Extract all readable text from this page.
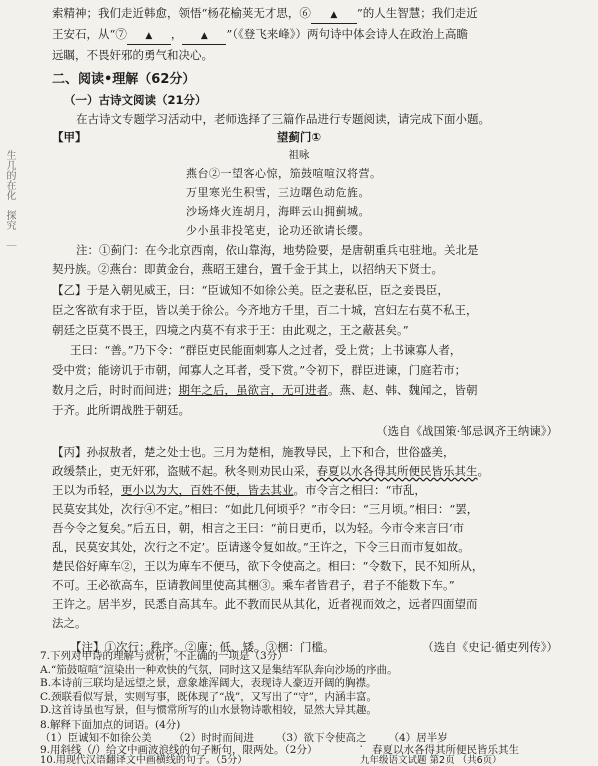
生几的在化　探究　｜
索精神；我们走近韩愈，领悟“杨花榆荚无才思，⑥ ▲ ”的人生智慧；我们走近
王安石，从“⑦ ▲ ， ▲ ”（《登飞来峰》）两句诗中体会诗人在政治上高瞻
远瞩，不畏奸邪的勇气和决心。
二、阅读•理解（62分）
（一）古诗文阅读（21分）
在古诗文专题学习活动中，老师选择了三篇作品进行专题阅读，请完成下面小题。
【甲】	望蓟门①
祖咏
燕台②一望客心惊，笳鼓喧喧汉将营。
万里寒光生积雪，三边曙色动危旌。
沙场烽火连胡月，海畔云山拥蓟城。
少小虽非投笔吏，论功还欲请长缨。
注：①蓟门：在今北京西南，依山靠海，地势险要，是唐朝重兵屯驻地。关北是
契丹族。②燕台：即黄金台，燕昭王建台，置千金于其上，以招纳天下贤士。
【乙】于是入朝见威王，曰：“臣诚知不如徐公美。臣之妻私臣，臣之妾畏臣，
臣之客欲有求于臣，皆以美于徐公。今齐地方千里，百二十城，宫妇左右莫不私王，
朝廷之臣莫不畏王，四境之内莫不有求于王：由此观之，王之蔽甚矣。”
王曰：“善。”乃下令：“群臣吏民能面刺寡人之过者，受上赏；上书谏寡人者，
受中赏；能谤讥于市朝，闻寡人之耳者，受下赏。”令初下，群臣进谏，门庭若市；
数月之后，时时而间进；期年之后，虽欲言，无可进者。燕、赵、韩、魏闻之，皆朝
于齐。此所谓战胜于朝廷。
（选自《战国策·邹忌讽齐王纳谏》）
【丙】孙叔敖者，楚之处士也。三月为楚相，施教导民，上下和合，世俗盛美，
政缓禁止，吏无奸邪，盗贼不起。秋冬则劝民山采，春夏以水各得其所便民皆乐其生。
王以为币轻，更小以为大，百姓不便，皆去其业。市令言之相曰：“市乱，
民莫安其处，次行④不定。”相曰：“如此几何顷乎？”市令曰：“三月顷。”相曰：“罢，
吾今令之复矣。”后五日，朝，相言之王曰：“前日更币，以为轻。今市令来言曰‘市
乱，民莫安其处，次行之不定’。臣请遂令复如故。”王许之，下令三日而市复如故。
楚民俗好庳车②，王以为庳车不便马，欲下令使高之。相曰：“令数下，民不知所从，
不可。王必欲高车，臣请教闾里使高其梱③。乘车者皆君子，君子不能数下车。”
王许之。居半岁，民悉自高其车。此不教而民从其化，近者视而效之，远者四面望而
法之。
【注】①次行：秩序。②庳：低、矮。③梱：门槛。	（选自《史记·循吏列传》）
7.下列对甲诗的理解与赏析，不正确的一项是（3分）
A.“笳鼓喧喧”渲染出一种欢快的气氛，同时这又是集结军队奔向沙场的序曲。
B.本诗前三联均是远望之景，意象雄浑阔大，表现诗人豪迈开阔的胸襟。
C.颈联看似写景，实则写事，既体现了“战”，又写出了“守”，内涵丰富。
D.这首诗虽也写景，但与惯常所写的山水景物诗歌相较，显然大异其趣。
8.解释下面加点的词语。(4分)
（1）臣诚知不如徐公美 （2）时时而间进 （3）欲下令使高之 （4）居半岁
9.用斜线（/）给文中画波浪线的句子断句，限两处。（2分）	春夏以水各得其所便民皆乐其生
10.用现代汉语翻译文中画横线的句子。（5分）	九年级语文试题 第2页 （共6页）
